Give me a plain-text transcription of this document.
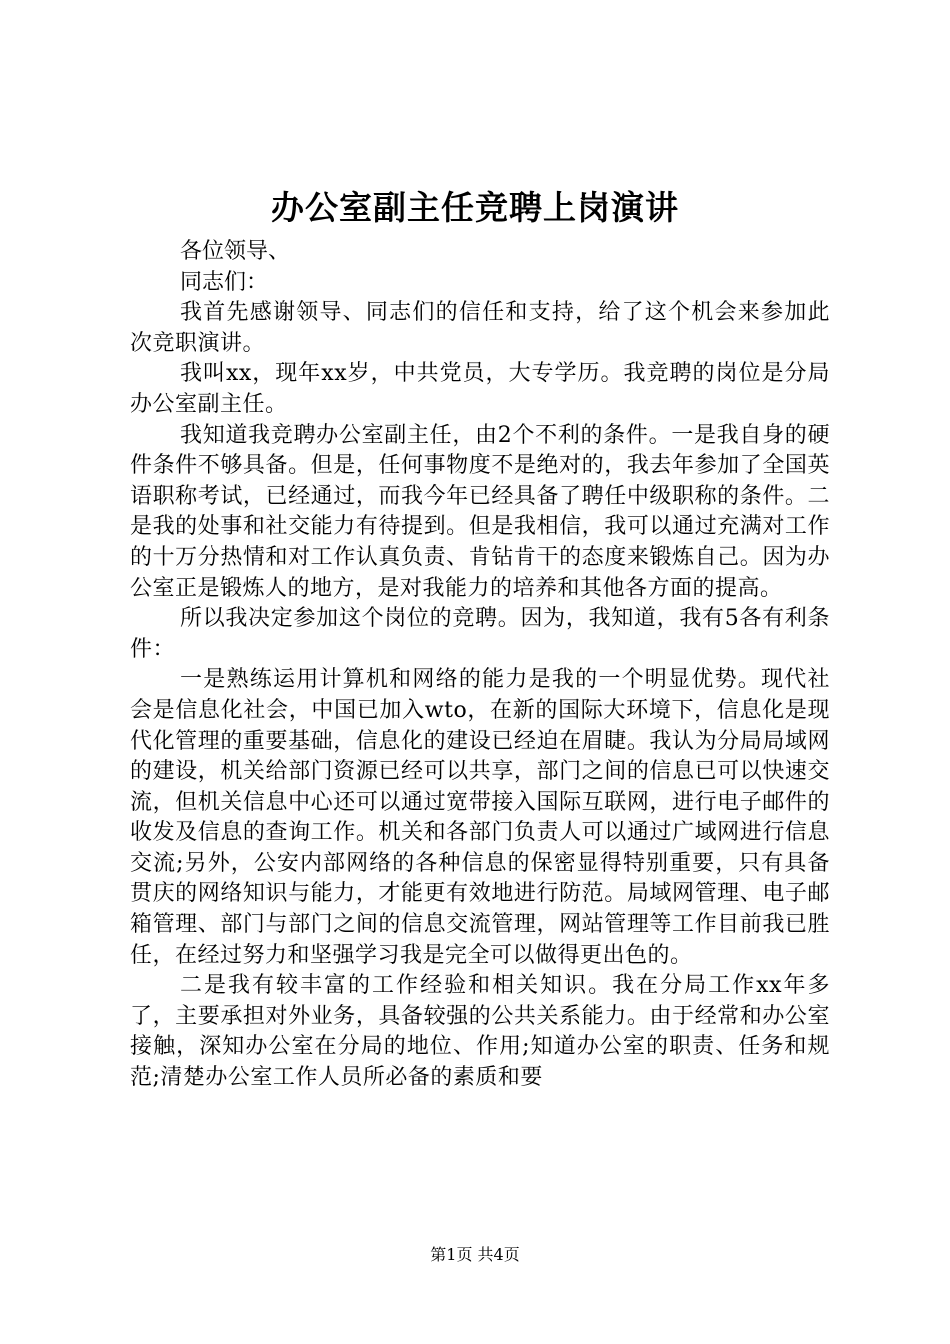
办公室副主任竞聘上岗演讲

各位领导、

同志们：

我首先感谢领导、同志们的信任和支持，给了这个机会来参加此次竞职演讲。

我叫xx，现年xx岁，中共党员，大专学历。我竞聘的岗位是分局办公室副主任。

我知道我竞聘办公室副主任，由2个不利的条件。一是我自身的硬件条件不够具备。但是，任何事物度不是绝对的，我去年参加了全国英语职称考试，已经通过，而我今年已经具备了聘任中级职称的条件。二是我的处事和社交能力有待提到。但是我相信，我可以通过充满对工作的十万分热情和对工作认真负责、肯钻肯干的态度来锻炼自己。因为办公室正是锻炼人的地方，是对我能力的培养和其他各方面的提高。

所以我决定参加这个岗位的竞聘。因为，我知道，我有5各有利条件：

一是熟练运用计算机和网络的能力是我的一个明显优势。现代社会是信息化社会，中国已加入wto，在新的国际大环境下，信息化是现代化管理的重要基础，信息化的建设已经迫在眉睫。我认为分局局域网的建设，机关给部门资源已经可以共享，部门之间的信息已可以快速交流，但机关信息中心还可以通过宽带接入国际互联网，进行电子邮件的收发及信息的查询工作。机关和各部门负责人可以通过广域网进行信息交流;另外，公安内部网络的各种信息的保密显得特别重要，只有具备贯庆的网络知识与能力，才能更有效地进行防范。局域网管理、电子邮箱管理、部门与部门之间的信息交流管理，网站管理等工作目前我已胜任，在经过努力和坚强学习我是完全可以做得更出色的。

二是我有较丰富的工作经验和相关知识。我在分局工作xx年多了，主要承担对外业务，具备较强的公共关系能力。由于经常和办公室接触，深知办公室在分局的地位、作用;知道办公室的职责、任务和规范;清楚办公室工作人员所必备的素质和要

第1页 共4页
